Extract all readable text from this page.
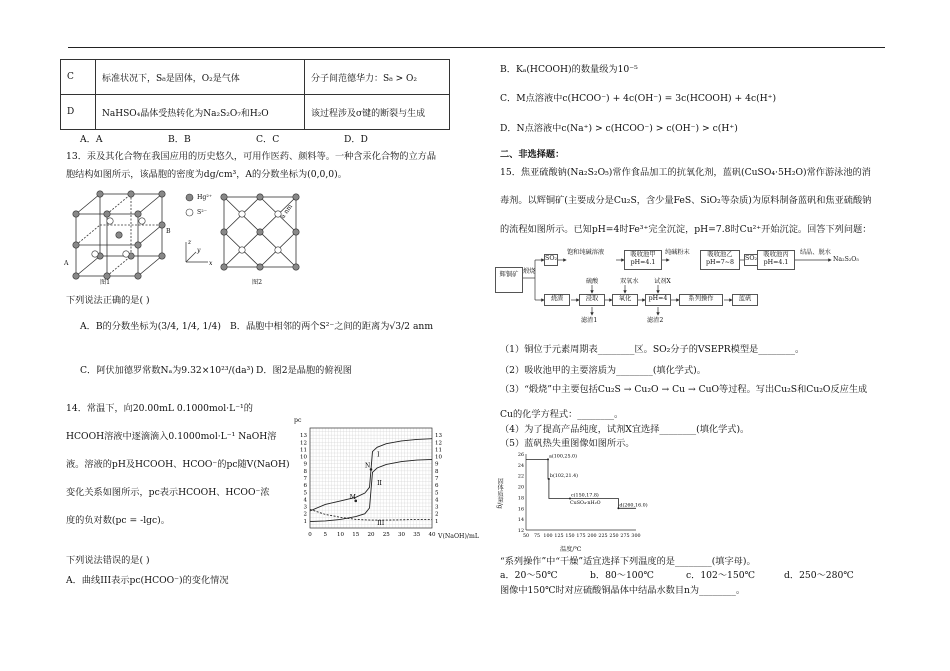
C	标准状况下，S₈是固体，O₂是气体	分子间范德华力：S₈ > O₂
D	NaHSO₄晶体受热转化为Na₂S₂O₇和H₂O	该过程涉及σ键的断裂与生成
A．A	B．B	C．C	D．D
13．汞及其化合物在我国应用的历史悠久，可用作医药、颜料等。一种含汞化合物的立方晶
胞结构如图所示，该晶胞的密度为dg/cm³，A的分数坐标为(0,0,0)。
A
B
Hg²⁺
S²⁻
x
z
y
a nm
图1	图2
下列说法正确的是( )
A．B的分数坐标为(3/4, 1/4, 1/4) B．晶胞中相邻的两个S²⁻之间的距离为√3/2 anm
C．阿伏加德罗常数Nₐ为9.32×10²³/(da³) D．图2是晶胞的俯视图
14．常温下，向20.00mL 0.1000mol·L⁻¹的
HCOOH溶液中逐滴滴入0.1000mol·L⁻¹ NaOH溶
液。溶液的pH及HCOOH、HCOO⁻的pc随V(NaOH)
变化关系如图所示，pc表示HCOOH、HCOO⁻浓
度的负对数(pc = -lgc)。
下列说法错误的是( )
A．曲线III表示pc(HCOO⁻)的变化情况
0 5 10 15 20 25 30 35 40
1	1
2	2
3	3
4	4
5	5
6	6
7	7
8	8
9	9
10	10
11	11
12	12
13	13
I
II
III
M
N
pc
V(NaOH)/mL
B．Kₐ(HCOOH)的数量级为10⁻⁵
C．M点溶液中c(HCOO⁻) + 4c(OH⁻) = 3c(HCOOH) + 4c(H⁺)
D．N点溶液中c(Na⁺) > c(HCOO⁻) > c(OH⁻) > c(H⁺)
二、非选择题：
15．焦亚硫酸钠(Na₂S₂O₅)常作食品加工的抗氧化剂，蓝矾(CuSO₄·5H₂O)常作游泳池的消
毒剂。以辉铜矿(主要成分是Cu₂S，含少量FeS、SiO₂等杂质)为原料制备蓝矾和焦亚硫酸钠
的流程如图所示。已知pH=4时Fe³⁺完全沉淀，pH=7.8时Cu²⁺开始沉淀。回答下列问题：
辉铜矿 煅烧
SO₂
饱和纯碱溶液	吸收池甲 pH=4.1
纯碱粉末	吸收池乙 pH=7~8
SO₂
吸收池丙 pH=4.1
结晶、脱水
Na₂S₂O₅
烧渣
硫酸
浸取
双氧水
氧化
试剂X
pH=4	系列操作	蓝矾
滤渣1	滤渣2
（1）铜位于元素周期表________区。SO₂分子的VSEPR模型是________。
（2）吸收池甲的主要溶质为________(填化学式)。
（3）“煅烧”中主要包括Cu₂S → Cu₂O → Cu → CuO等过程。写出Cu₂S和Cu₂O反应生成
Cu的化学方程式：________。
（4）为了提高产品纯度，试剂X宜选择________(填化学式)。
（5）蓝矾热失重图像如图所示。
50 75 100 125 150 175 200 225 250 275 300
12
14
16
18
20
22
24
26	a(100,25.0)
b(102,21.4)
c(150,17.8)
d(260,16.0)
CuSO₄·nH₂O
固体质量/g
温度/℃
“系列操作”中“干燥”适宜选择下列温度的是________(填字母)。
a．20～50℃	b．80～100℃	c．102～150℃	d．250～280℃
图像中150℃时对应硫酸铜晶体中结晶水数目n为________。
